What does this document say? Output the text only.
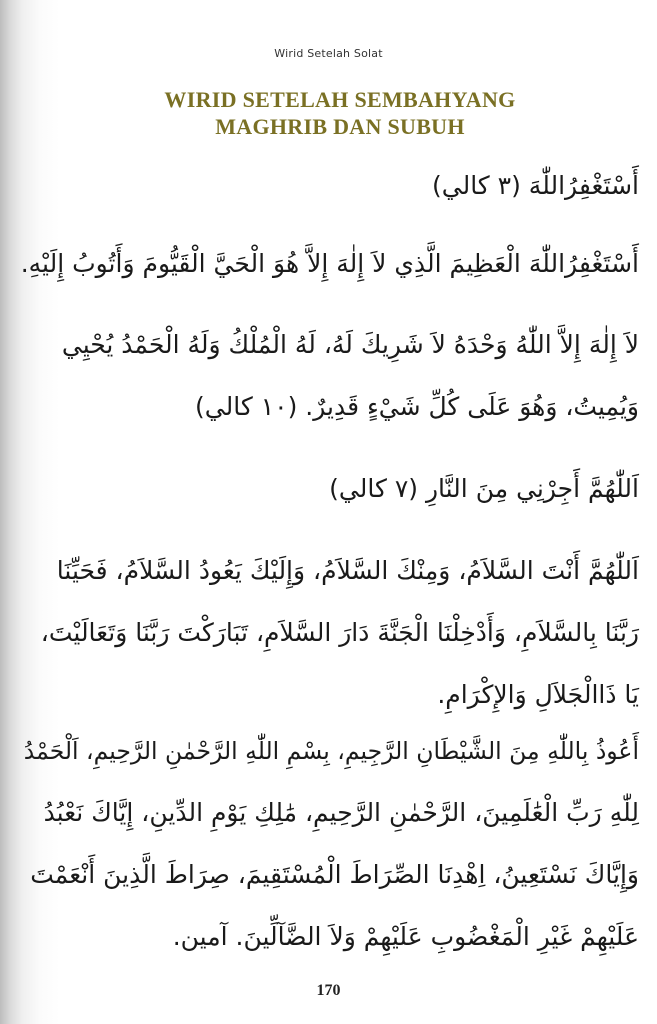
Wirid Setelah Solat
WIRID SETELAH SEMBAHYANG
MAGHRIB DAN SUBUH
أَسْتَغْفِرُاللّٰهَ (٣ كالي)
أَسْتَغْفِرُاللّٰهَ الْعَظِيمَ الَّذِي لاَ إِلٰهَ إِلاَّ هُوَ الْحَيَّ الْقَيُّومَ وَأَتُوبُ إِلَيْهِ.
لاَ إِلٰهَ إِلاَّ اللّٰهُ وَحْدَهُ لاَ شَرِيكَ لَهُ، لَهُ الْمُلْكُ وَلَهُ الْحَمْدُ يُحْيِي
وَيُمِيتُ، وَهُوَ عَلَى كُلِّ شَيْءٍ قَدِيرٌ. (١٠ كالي)
اَللّٰهُمَّ أَجِرْنِي مِنَ النَّارِ (٧ كالي)
اَللّٰهُمَّ أَنْتَ السَّلاَمُ، وَمِنْكَ السَّلاَمُ، وَإِلَيْكَ يَعُودُ السَّلاَمُ، فَحَيِّنَا
رَبَّنَا بِالسَّلاَمِ، وَأَدْخِلْنَا الْجَنَّةَ دَارَ السَّلاَمِ، تَبَارَكْتَ رَبَّنَا وَتَعَالَيْتَ،
يَا ذَاالْجَلاَلِ وَالإِكْرَامِ.
أَعُوذُ بِاللّٰهِ مِنَ الشَّيْطَانِ الرَّجِيمِ، بِسْمِ اللّٰهِ الرَّحْمٰنِ الرَّحِيمِ، اَلْحَمْدُ
لِلّٰهِ رَبِّ الْعَٰلَمِينَ، الرَّحْمٰنِ الرَّحِيمِ، مَٰلِكِ يَوْمِ الدِّينِ، إِيَّاكَ نَعْبُدُ
وَإِيَّاكَ نَسْتَعِينُ، اِهْدِنَا الصِّرَاطَ الْمُسْتَقِيمَ، صِرَاطَ الَّذِينَ أَنْعَمْتَ
عَلَيْهِمْ غَيْرِ الْمَغْضُوبِ عَلَيْهِمْ وَلاَ الضَّآلِّينَ. آمين.
170
